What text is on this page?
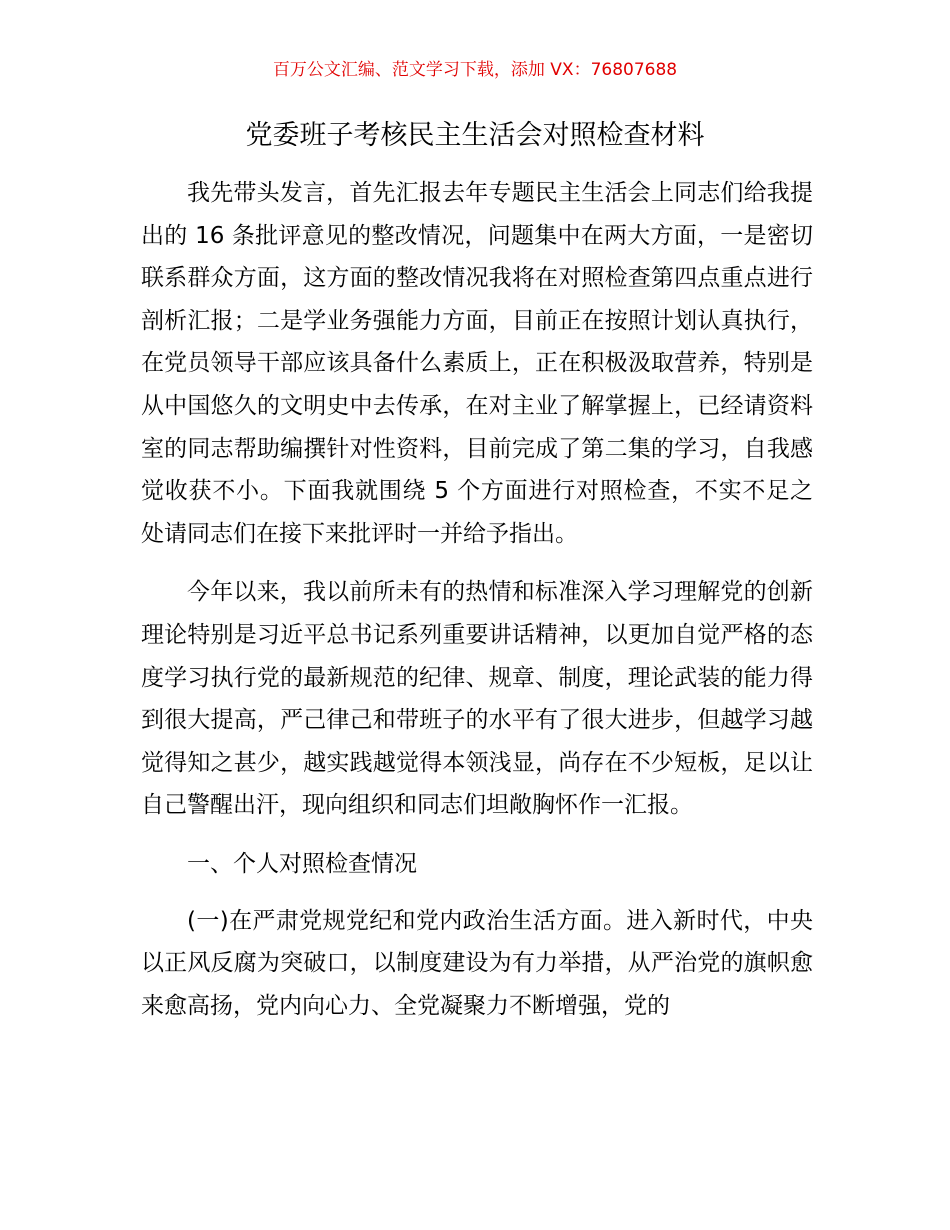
百万公文汇编、范文学习下载，添加 VX：76807688
党委班子考核民主生活会对照检查材料

我先带头发言，首先汇报去年专题民主生活会上同志们给我提出的 16 条批评意见的整改情况，问题集中在两大方面，一是密切联系群众方面，这方面的整改情况我将在对照检查第四点重点进行剖析汇报；二是学业务强能力方面，目前正在按照计划认真执行，在党员领导干部应该具备什么素质上，正在积极汲取营养，特别是从中国悠久的文明史中去传承，在对主业了解掌握上，已经请资料室的同志帮助编撰针对性资料，目前完成了第二集的学习，自我感觉收获不小。下面我就围绕 5 个方面进行对照检查，不实不足之处请同志们在接下来批评时一并给予指出。

今年以来，我以前所未有的热情和标准深入学习理解党的创新理论特别是习近平总书记系列重要讲话精神，以更加自觉严格的态度学习执行党的最新规范的纪律、规章、制度，理论武装的能力得到很大提高，严己律己和带班子的水平有了很大进步，但越学习越觉得知之甚少，越实践越觉得本领浅显，尚存在不少短板，足以让自己警醒出汗，现向组织和同志们坦敞胸怀作一汇报。

一、个人对照检查情况

(一)在严肃党规党纪和党内政治生活方面。进入新时代，中央以正风反腐为突破口，以制度建设为有力举措，从严治党的旗帜愈来愈高扬，党内向心力、全党凝聚力不断增强，党的
